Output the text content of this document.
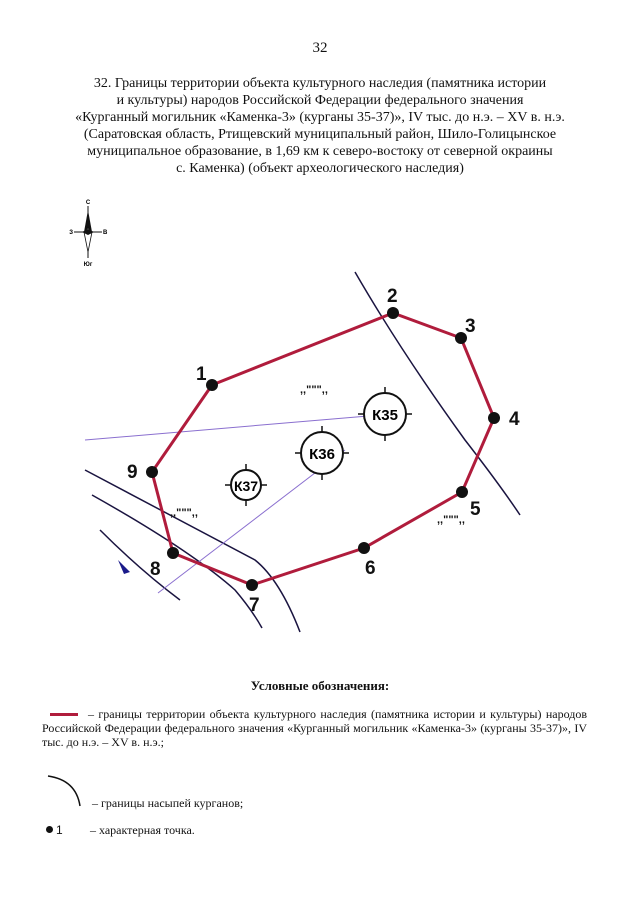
32
32. Границы территории объекта культурного наследия (памятника истории
и культуры) народов Российской Федерации федерального значения
«Курганный могильник «Каменка-3» (курганы 35-37)», IV тыс. до н.э. – XV в. н.э.
(Саратовская область, Ртищевский муниципальный район, Шило-Голицынское
муниципальное образование, в 1,69 км к северо-востоку от северной окраины
с. Каменка) (объект археологического наследия)
С
Юг
З	В
1
2
3
4
5
6
7
8
9
К35
К36
К37
,,""",,
,,""",,
,,""",,
Условные обозначения:
– границы территории объекта культурного наследия (памятника истории и культуры) народов Российской Федерации федерального значения «Курганный могильник «Каменка-3» (курганы 35-37)», IV тыс. до н.э. – XV в. н.э.;
– границы насыпей курганов;
1 – характерная точка.
